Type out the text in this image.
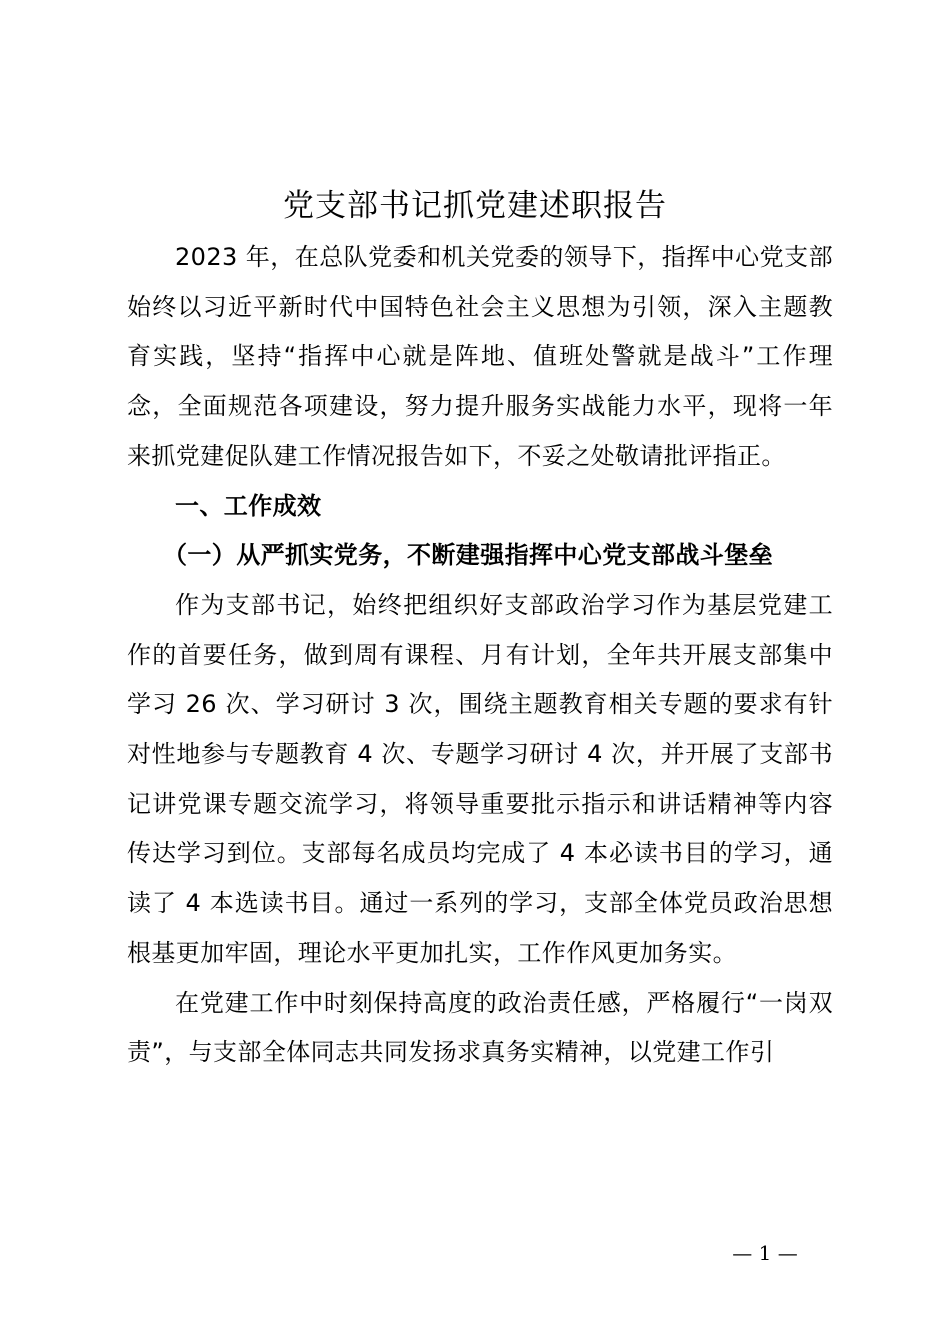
党支部书记抓党建述职报告

2023 年，在总队党委和机关党委的领导下，指挥中心党支部始终以习近平新时代中国特色社会主义思想为引领，深入主题教育实践，坚持“指挥中心就是阵地、值班处警就是战斗”工作理念，全面规范各项建设，努力提升服务实战能力水平，现将一年来抓党建促队建工作情况报告如下，不妥之处敬请批评指正。

一、工作成效

（一）从严抓实党务，不断建强指挥中心党支部战斗堡垒

作为支部书记，始终把组织好支部政治学习作为基层党建工作的首要任务，做到周有课程、月有计划，全年共开展支部集中学习 26 次、学习研讨 3 次，围绕主题教育相关专题的要求有针对性地参与专题教育 4 次、专题学习研讨 4 次，并开展了支部书记讲党课专题交流学习，将领导重要批示指示和讲话精神等内容传达学习到位。支部每名成员均完成了 4 本必读书目的学习，通读了 4 本选读书目。通过一系列的学习，支部全体党员政治思想根基更加牢固，理论水平更加扎实，工作作风更加务实。

在党建工作中时刻保持高度的政治责任感，严格履行“一岗双责”，与支部全体同志共同发扬求真务实精神，以党建工作引

— 1 —
